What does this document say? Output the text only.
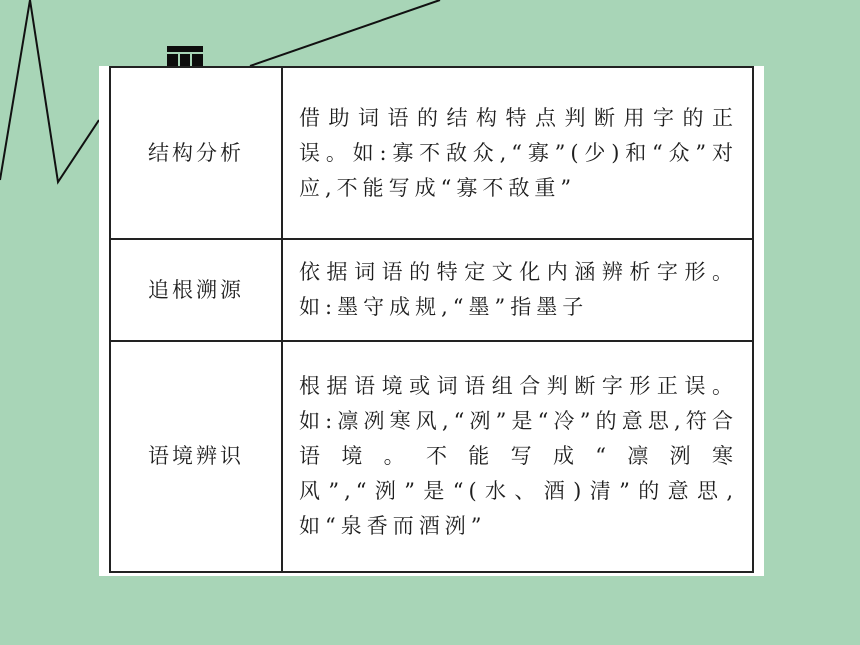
结构分析	借助词语的结构特点判断用字的正误。如:寡不敌众,“寡”(少)和“众”对应,不能写成“寡不敌重”
追根溯源	依据词语的特定文化内涵辨析字形。如:墨守成规,“墨”指墨子
语境辨识	根据语境或词语组合判断字形正误。如:凛冽寒风,“冽”是“冷”的意思,符合语境。不能写成“凛洌寒风”,“洌”是“(水、酒)清”的意思,如“泉香而酒洌”
